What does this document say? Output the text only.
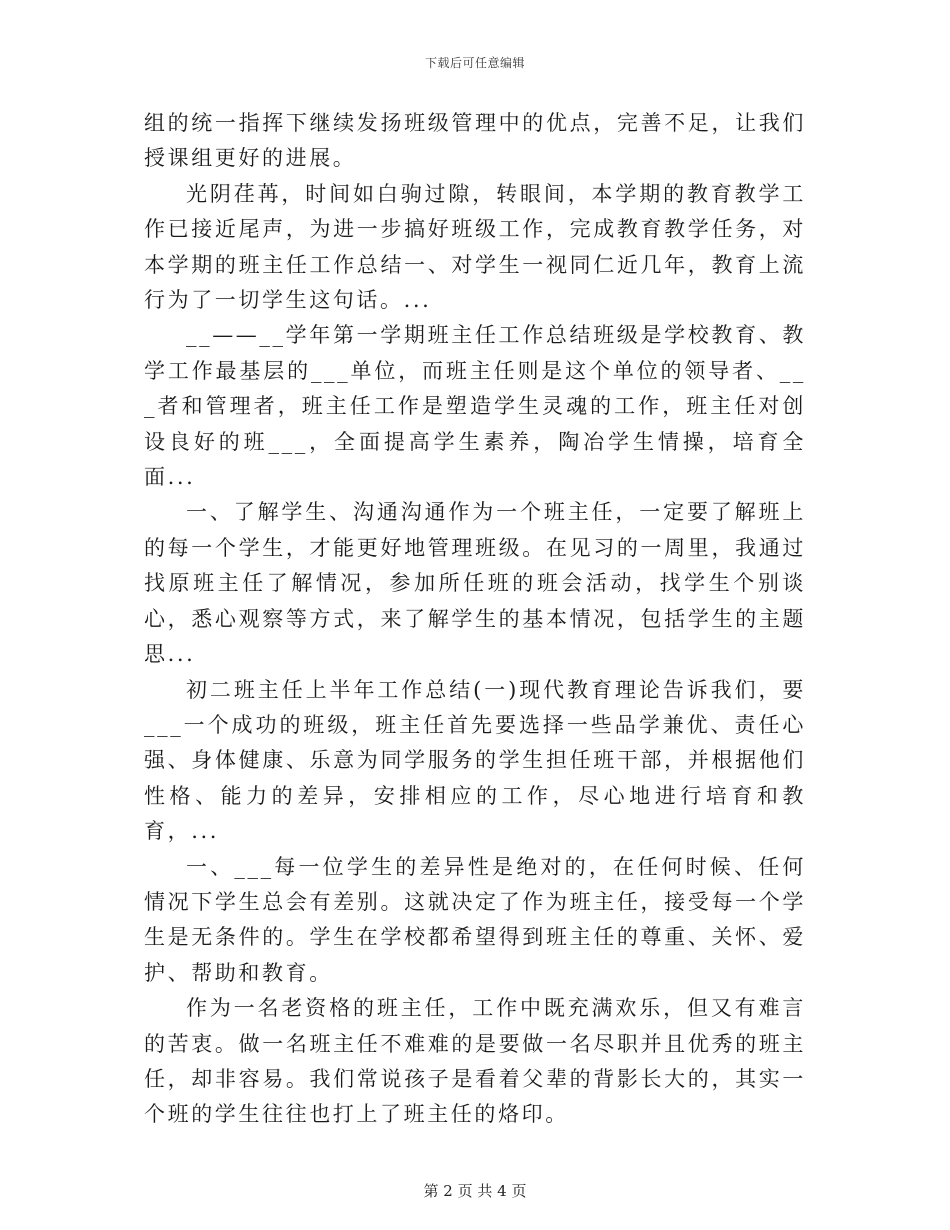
下载后可任意编辑

组的统一指挥下继续发扬班级管理中的优点，完善不足，让我们授课组更好的进展。

光阴荏苒，时间如白驹过隙，转眼间，本学期的教育教学工作已接近尾声，为进一步搞好班级工作，完成教育教学任务，对本学期的班主任工作总结一、对学生一视同仁近几年，教育上流行为了一切学生这句话。...

__——__学年第一学期班主任工作总结班级是学校教育、教学工作最基层的___单位，而班主任则是这个单位的领导者、___者和管理者，班主任工作是塑造学生灵魂的工作，班主任对创设良好的班___，全面提高学生素养，陶冶学生情操，培育全面...

一、了解学生、沟通沟通作为一个班主任，一定要了解班上的每一个学生，才能更好地管理班级。在见习的一周里，我通过找原班主任了解情况，参加所任班的班会活动，找学生个别谈心，悉心观察等方式，来了解学生的基本情况，包括学生的主题思...

初二班主任上半年工作总结(一)现代教育理论告诉我们，要___一个成功的班级，班主任首先要选择一些品学兼优、责任心强、身体健康、乐意为同学服务的学生担任班干部，并根据他们性格、能力的差异，安排相应的工作，尽心地进行培育和教育，...

一、___每一位学生的差异性是绝对的，在任何时候、任何情况下学生总会有差别。这就决定了作为班主任，接受每一个学生是无条件的。学生在学校都希望得到班主任的尊重、关怀、爱护、帮助和教育。

作为一名老资格的班主任，工作中既充满欢乐，但又有难言的苦衷。做一名班主任不难难的是要做一名尽职并且优秀的班主任，却非容易。我们常说孩子是看着父辈的背影长大的，其实一个班的学生往往也打上了班主任的烙印。

第 2 页 共 4 页
